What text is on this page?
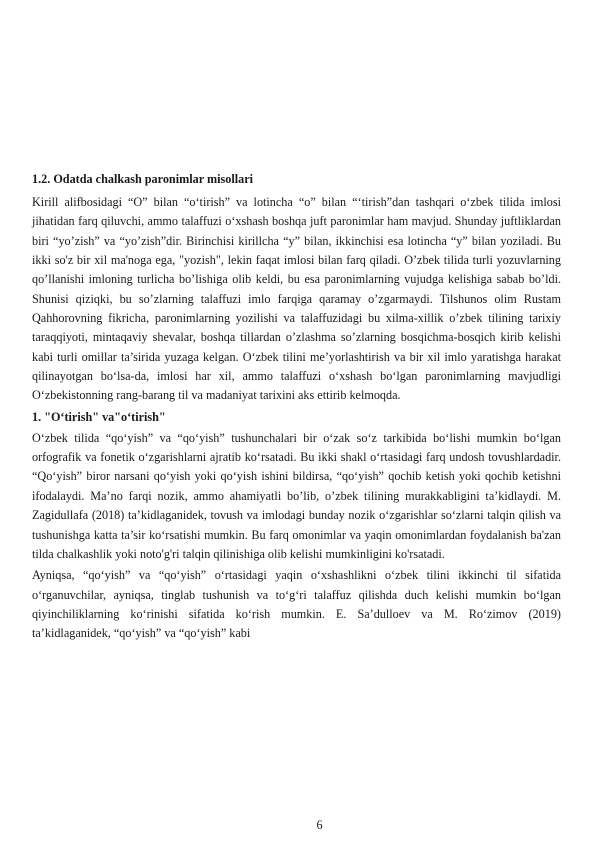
1.2. Odatda chalkash paronimlar misollari

Kirill alifbosidagi “O” bilan “o‘tirish” va lotincha “o” bilan “‘tirish”dan tashqari o‘zbek tilida imlosi jihatidan farq qiluvchi, ammo talaffuzi o‘xshash boshqa juft paronimlar ham mavjud. Shunday juftliklardan biri “yo’zish” va “yo’zish”dir. Birinchisi kirillcha “y” bilan, ikkinchisi esa lotincha “y” bilan yoziladi. Bu ikki so'z bir xil ma'noga ega, "yozish", lekin faqat imlosi bilan farq qiladi. O’zbek tilida turli yozuvlarning qo’llanishi imloning turlicha bo’lishiga olib keldi, bu esa paronimlarning vujudga kelishiga sabab bo’ldi. Shunisi qiziqki, bu so’zlarning talaffuzi imlo farqiga qaramay o’zgarmaydi. Tilshunos olim Rustam Qahhorovning fikricha, paronimlarning yozilishi va talaffuzidagi bu xilma-xillik o’zbek tilining tarixiy taraqqiyoti, mintaqaviy shevalar, boshqa tillardan o’zlashma so’zlarning bosqichma-bosqich kirib kelishi kabi turli omillar ta’sirida yuzaga kelgan. O‘zbek tilini me’yorlashtirish va bir xil imlo yaratishga harakat qilinayotgan bo‘lsa-da, imlosi har xil, ammo talaffuzi o‘xshash bo‘lgan paronimlarning mavjudligi O‘zbekistonning rang-barang til va madaniyat tarixini aks ettirib kelmoqda.

1. "O‘tirish" va"o‘tirish"

O‘zbek tilida “qo‘yish” va “qo‘yish” tushunchalari bir o‘zak so‘z tarkibida bo‘lishi mumkin bo‘lgan orfografik va fonetik o‘zgarishlarni ajratib ko‘rsatadi. Bu ikki shakl o‘rtasidagi farq undosh tovushlardadir. “Qo‘yish” biror narsani qo‘yish yoki qo‘yish ishini bildirsa, “qo‘yish” qochib ketish yoki qochib ketishni ifodalaydi. Ma’no farqi nozik, ammo ahamiyatli bo’lib, o’zbek tilining murakkabligini ta’kidlaydi. M. Zagidullafa (2018) ta’kidlaganidek, tovush va imlodagi bunday nozik o‘zgarishlar so‘zlarni talqin qilish va tushunishga katta ta’sir ko‘rsatishi mumkin. Bu farq omonimlar va yaqin omonimlardan foydalanish ba'zan tilda chalkashlik yoki noto'g'ri talqin qilinishiga olib kelishi mumkinligini ko'rsatadi.

Ayniqsa, “qo‘yish” va “qo‘yish” o‘rtasidagi yaqin o‘xshashlikni o‘zbek tilini ikkinchi til sifatida o‘rganuvchilar, ayniqsa, tinglab tushunish va to‘g‘ri talaffuz qilishda duch kelishi mumkin bo‘lgan qiyinchiliklarning ko‘rinishi sifatida ko‘rish mumkin. E. Sa’dulloev va M. Ro‘zimov (2019) ta’kidlaganidek, “qo‘yish” va “qo‘yish” kabi

6
